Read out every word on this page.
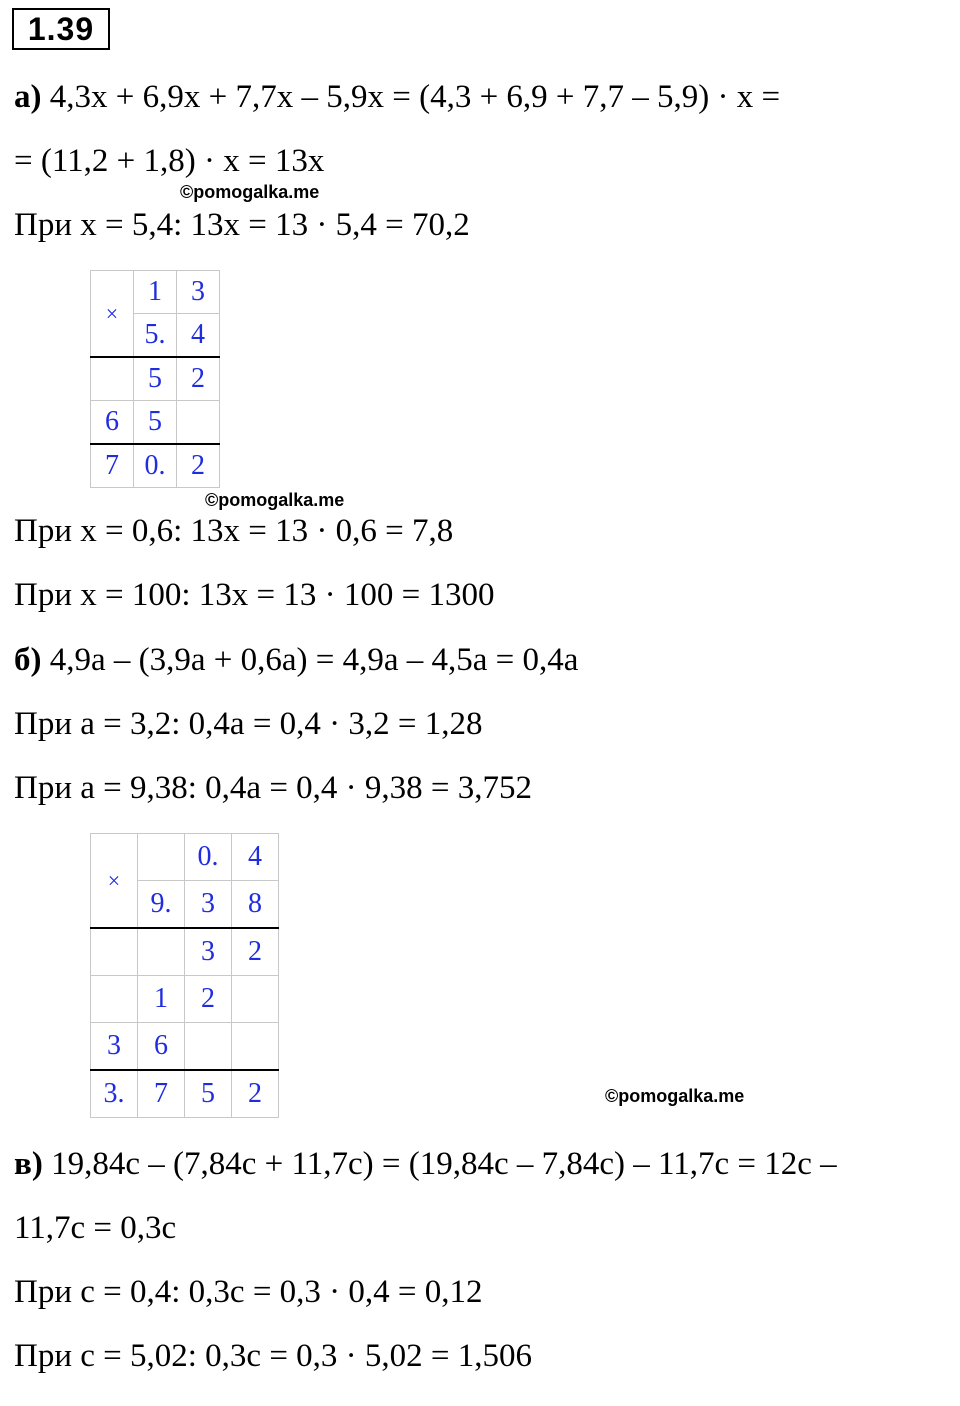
1.39
а) 4,3x + 6,9x + 7,7x – 5,9x = (4,3 + 6,9 + 7,7 – 5,9) · x =
= (11,2 + 1,8) · x = 13x
©pomogalka.me
При x = 5,4: 13x = 13 · 5,4 = 70,2
×	1	3
	5.	4
	5	2
6	5	
7	0.	2
©pomogalka.me
При x = 0,6: 13x = 13 · 0,6 = 7,8
При x = 100: 13x = 13 · 100 = 1300
б) 4,9a – (3,9a + 0,6a) = 4,9a – 4,5a = 0,4a
При a = 3,2: 0,4a = 0,4 · 3,2 = 1,28
При a = 9,38: 0,4a = 0,4 · 9,38 = 3,752
×		0.	4
	9.	3	8
		3	2
	1	2	
3	6		
3.	7	5	2	©pomogalka.me
в) 19,84c – (7,84c + 11,7c) = (19,84c – 7,84c) – 11,7c = 12c –
11,7c = 0,3c
При c = 0,4: 0,3c = 0,3 · 0,4 = 0,12
При c = 5,02: 0,3c = 0,3 · 5,02 = 1,506
